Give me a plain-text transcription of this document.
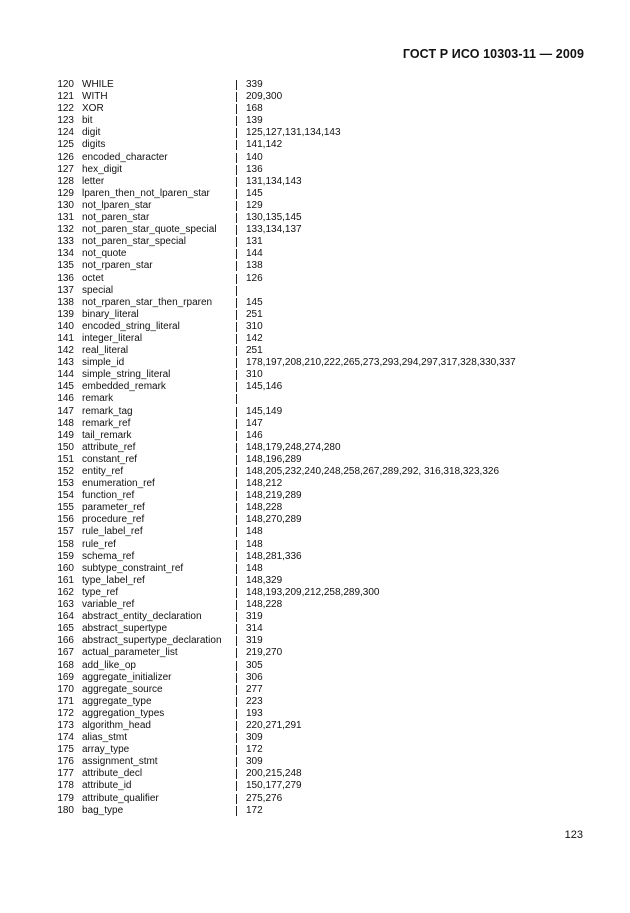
ГОСТ Р ИСО 10303-11 — 2009
120 WHILE	339
121 WITH	209,300
122 XOR	168
123 bit	139
124 digit	125,127,131,134,143
125 digits	141,142
126 encoded_character	140
127 hex_digit	136
128 letter	131,134,143
129 lparen_then_not_lparen_star	145
130 not_lparen_star	129
131 not_paren_star	130,135,145
132 not_paren_star_quote_special	133,134,137
133 not_paren_star_special	131
134 not_quote	144
135 not_rparen_star	138
136 octet	126
137 special
138 not_rparen_star_then_rparen	145
139 binary_literal	251
140 encoded_string_literal	310
141 integer_literal	142
142 real_literal	251
143 simple_id	178,197,208,210,222,265,273,293,294,297,317,328,330,337
144 simple_string_literal	310
145 embedded_remark	145,146
146 remark
147 remark_tag	145,149
148 remark_ref	147
149 tail_remark	146
150 attribute_ref	148,179,248,274,280
151 constant_ref	148,196,289
152 entity_ref	148,205,232,240,248,258,267,289,292, 316,318,323,326
153 enumeration_ref	148,212
154 function_ref	148,219,289
155 parameter_ref	148,228
156 procedure_ref	148,270,289
157 rule_label_ref	148
158 rule_ref	148
159 schema_ref	148,281,336
160 subtype_constraint_ref	148
161 type_label_ref	148,329
162 type_ref	148,193,209,212,258,289,300
163 variable_ref	148,228
164 abstract_entity_declaration	319
165 abstract_supertype	314
166 abstract_supertype_declaration 319
167 actual_parameter_list	219,270
168 add_like_op	305
169 aggregate_initializer	306
170 aggregate_source	277
171 aggregate_type	223
172 aggregation_types	193
173 algorithm_head	220,271,291
174 alias_stmt	309
175 array_type	172
176 assignment_stmt	309
177 attribute_decl	200,215,248
178 attribute_id	150,177,279
179 attribute_qualifier	275,276
180 bag_type	172
123
